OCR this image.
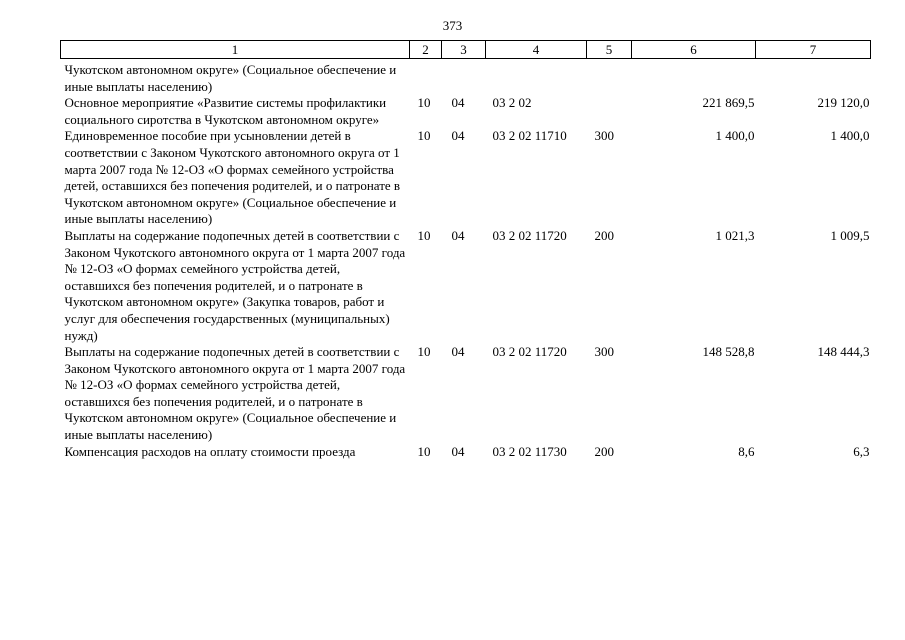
373
1	2	3	4	5	6	7
Чукотском автономном округе» (Социальное обеспечение и иные выплаты населению)						
Основное мероприятие «Развитие системы профилактики социального сиротства в Чукотском автономном округе»	10	04	03 2 02		221 869,5	219 120,0
Единовременное пособие при усыновлении детей в соответствии с Законом Чукотского автономного округа от 1 марта 2007 года № 12-ОЗ «О формах семейного устройства детей, оставшихся без попечения родителей, и о патронате в Чукотском автономном округе» (Социальное обеспечение и иные выплаты населению)	10	04	03 2 02 11710	300	1 400,0	1 400,0
Выплаты на содержание подопечных детей в соответствии с Законом Чукотского автономного округа от 1 марта 2007 года № 12-ОЗ «О формах семейного устройства детей, оставшихся без попечения родителей, и о патронате в Чукотском автономном округе» (Закупка товаров, работ и услуг для обеспечения государственных (муниципальных) нужд)	10	04	03 2 02 11720	200	1 021,3	1 009,5
Выплаты на содержание подопечных детей в соответствии с Законом Чукотского автономного округа от 1 марта 2007 года № 12-ОЗ «О формах семейного устройства детей, оставшихся без попечения родителей, и о патронате в Чукотском автономном округе» (Социальное обеспечение и иные выплаты населению)	10	04	03 2 02 11720	300	148 528,8	148 444,3
Компенсация расходов на оплату стоимости проезда	10	04	03 2 02 11730	200	8,6	6,3
